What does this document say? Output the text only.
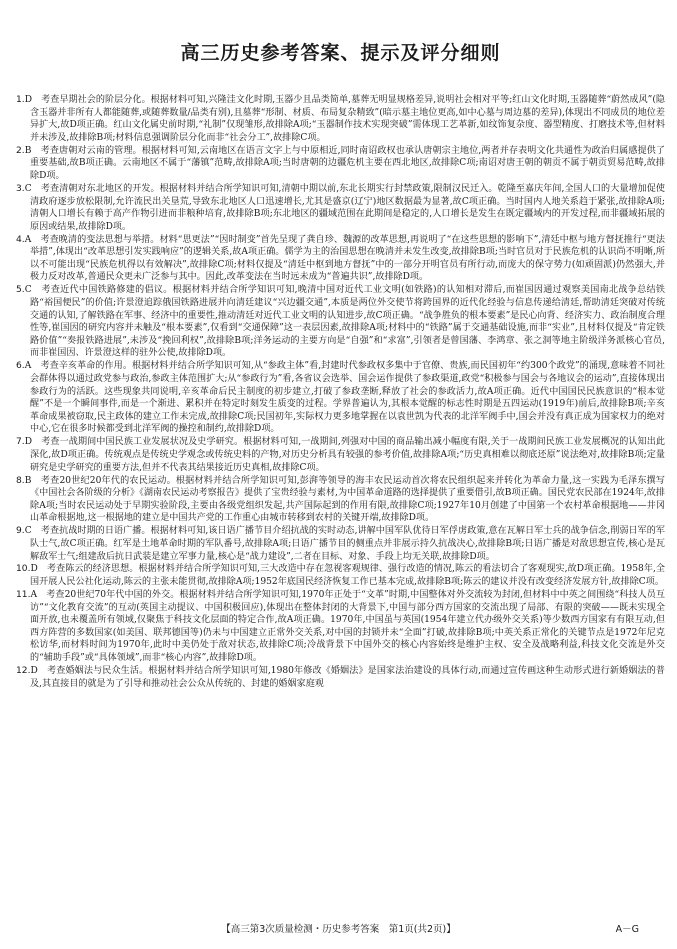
高三历史参考答案、提示及评分细则

1.D　考查早期社会的阶层分化。根据材料可知,兴隆洼文化时期,玉器少且品类简单,墓葬无明显规格差异,说明社会相对平等;红山文化时期,玉器随葬“蔚然成风”(隐含玉器并非所有人都能随葬,或随葬数量/品类有别),且墓葬“形制、材质、布局复杂精致”(暗示墓主地位更高,如中心墓与周边墓的差异),体现出不同成员的地位差异扩大,故D项正确。红山文化属史前时期,“礼制”仅现雏形,故排除A项;“玉器制作技术实现突破”需体现工艺革新,如纹饰复杂度、器型精度、打磨技术等,但材料并未涉及,故排除B项;材料信息强调阶层分化而非“社会分工”,故排除C项。

2.B　考查唐朝对云南的管理。根据材料可知,云南地区在语言文字上与中原相近,同时南诏政权也承认唐朝宗主地位,两者并存表明文化共通性为政治归属感提供了重要基础,故B项正确。云南地区不属于“藩镇”范畴,故排除A项;当时唐朝的边疆危机主要在西北地区,故排除C项;南诏对唐王朝的朝贡不属于朝贡贸易范畴,故排除D项。

3.C　考查清朝对东北地区的开发。根据材料并结合所学知识可知,清朝中期以前,东北长期实行封禁政策,限制汉民迁入。乾隆至嘉庆年间,全国人口的大量增加促使清政府逐步放松限制,允许流民出关垦荒,导致东北地区人口迅速增长,尤其是盛京(辽宁)地区数据最为显著,故C项正确。当时国内人地关系趋于紧张,故排除A项;清朝人口增长有赖于高产作物引进而非粮种培育,故排除B项;东北地区的疆域范围在此期间是稳定的,人口增长是发生在既定疆域内的开发过程,而非疆域拓展的原因或结果,故排除D项。

4.A　考查晚清的变法思想与举措。材料“思更法”“因时制变”首先呈现了龚自珍、魏源的改革思想,再说明了“在这些思想的影响下”,清廷中枢与地方督抚推行“更法举措”,体现出“改革思想引发实践响应”的逻辑关系,故A项正确。儒学为主的治国思想在晚清并未发生改变,故排除B项;当时官员对于民族危机的认识尚不明晰,所以不可能出现“民族危机得以有效解决”,故排除C项;材料仅提及“清廷中枢到地方督抚”中的一部分开明官员有所行动,而庞大的保守势力(如顽固派)仍然强大,并极力反对改革,普通民众更未广泛参与其中。因此,改革变法在当时远未成为“普遍共识”,故排除D项。

5.C　考查近代中国铁路修建的倡议。根据材料并结合所学知识可知,晚清中国对近代工业文明(如铁路)的认知相对滞后,而崔国因通过观察美国南北战争总结铁路“裕国便民”的价值;许景澄追踪俄国铁路进展并向清廷建议“兴边疆交通”,本质是两位外交使节将跨国界的近代化经验与信息传递给清廷,帮助清廷突破对传统交通的认知,了解铁路在军事、经济中的重要性,推动清廷对近代工业文明的认知进步,故C项正确。“战争胜负的根本要素”是民心向背、经济实力、政治制度合理性等,崔国因的研究内容并未触及“根本要素”,仅看到“交通保障”这一表层因素,故排除A项;材料中的“铁路”属于交通基础设施,而非“实业”,且材料仅提及“肯定铁路价值”“奏报铁路进展”,未涉及“挽回利权”,故排除B项;洋务运动的主要方向是“自强”和“求富”,引领者是曾国藩、李鸿章、张之洞等地主阶级洋务派核心官员,而非崔国因、许景澄这样的驻外公使,故排除D项。

6.A　考查辛亥革命的作用。根据材料并结合所学知识可知,从“参政主体”看,封建时代参政权多集中于官僚、贵族,而民国初年“约300个政党”的涌现,意味着不同社会群体得以通过政党参与政治,参政主体范围扩大;从“参政行为”看,各省议会选举、国会运作提供了参政渠道,政党“积极参与国会与各地议会的运动”,直接体现出参政行为的活跃。这些现象共同说明,辛亥革命后民主制度的初步建立,打破了参政垄断,释放了社会的参政活力,故A项正确。近代中国国民民族意识的“根本觉醒”不是一个瞬间事件,而是一个渐进、累积并在特定时刻发生质变的过程。学界普遍认为,其根本觉醒的标志性时期是五四运动(1919年)前后,故排除B项;辛亥革命成果被窃取,民主政体的建立工作未完成,故排除C项;民国初年,实际权力更多地掌握在以袁世凯为代表的北洋军阀手中,国会并没有真正成为国家权力的绝对中心,它在很多时候都受到北洋军阀的操控和制约,故排除D项。

7.D　考查一战期间中国民族工业发展状况及史学研究。根据材料可知,一战期间,列强对中国的商品输出减小幅度有限,关于一战期间民族工业发展概况的认知出此深化,故D项正确。传统观点是传统史学观念或传统史料的产物,对历史分析具有较强的参考价值,故排除A项;“历史真相难以彻底还原”说法绝对,故排除B项;定量研究是史学研究的重要方法,但并不代表其结果接近历史真相,故排除C项。

8.B　考查20世纪20年代的农民运动。根据材料并结合所学知识可知,彭湃等领导的海丰农民运动首次将农民组织起来并转化为革命力量,这一实践为毛泽东撰写《中国社会各阶级的分析》《湖南农民运动考察报告》提供了宝贵经验与素材,为中国革命道路的选择提供了重要借引,故B项正确。国民党农民部在1924年,故排除A项;当时农民运动处于早期实验阶段,主要由各级党组织发起,共产国际起到的作用有限,故排除C项;1927年10月创建了中国第一个农村革命根据地——井冈山革命根据地,这一根据地的建立是中国共产党的工作重心由城市转移到农村的关键开端,故排除D项。

9.C　考查抗战时期的日语广播。根据材料可知,该日语广播节目介绍抗战的实时动态,讲解中国军队优待日军俘虏政策,意在瓦解日军士兵的战争信念,削弱日军的军队士气,故C项正确。红军是土地革命时期的军队番号,故排除A项;日语广播节目的侧重点并非展示持久抗战决心,故排除B项;日语广播是对敌思想宣传,核心是瓦解敌军士气;组建敌后抗日武装是建立军事力量,核心是“战力建设”,二者在目标、对象、手段上均无关联,故排除D项。

10.D　考查陈云的经济思想。根据材料并结合所学知识可知,三大改造中存在忽视客观规律、强行改造的情况,陈云的看法切合了客观现实,故D项正确。1958年,全国开展人民公社化运动,陈云的主张未能贯彻,故排除A项;1952年底国民经济恢复工作已基本完成,故排除B项;陈云的建议并没有改变经济发展方针,故排除C项。

11.A　考查20世纪70年代中国的外交。根据材料并结合所学知识可知,1970年正处于“文革”时期,中国整体对外交流较为封闭,但材料中中英之间围绕“科技人员互访”“文化教育交流”的互动(英国主动提议、中国积极回应),体现出在整体封闭的大背景下,中国与部分西方国家的交流出现了局部、有限的突破——既未实现全面开放,也未覆盖所有领域,仅聚焦于科技文化层面的特定合作,故A项正确。1970年,中国虽与英国(1954年建立代办级外交关系)等少数西方国家有有限互动,但西方阵营的多数国家(如美国、联邦德国等)仍未与中国建立正常外交关系,对中国的封锁并未“全面”打破,故排除B项;中英关系正常化的关键节点是1972年尼克松访华,而材料时间为1970年,此时中美仍处于敌对状态,故排除C项;冷战背景下中国外交的核心内容始终是维护主权、安全及战略利益,科技文化交流是外交的“辅助手段”或“具体领域”,而非“核心内容”,故排除D项。

12.D　考查婚姻法与民众生活。根据材料并结合所学知识可知,1980年修改《婚姻法》是国家法治建设的具体行动,而通过宣传画这种生动形式进行新婚姻法的普及,其直接目的就是为了引导和推动社会公众从传统的、封建的婚姻家庭观

【高三第3次质量检测・历史参考答案　第1页(共2页)】	A－G
